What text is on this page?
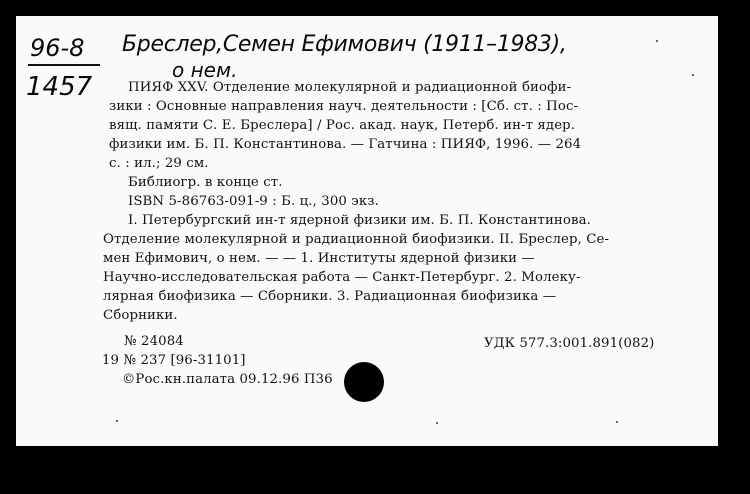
96-8
1457
Бреслер,Семен Ефимович (1911–1983),
о нем.
ПИЯФ XXV. Отделение молекулярной и радиационной биофи-
зики : Основные направления науч. деятельности : [Сб. ст. : Пос-
вящ. памяти С. Е. Бреслера] / Рос. акад. наук, Петерб. ин-т ядер.
физики им. Б. П. Константинова. — Гатчина : ПИЯФ, 1996. — 264
с. : ил.; 29 см.
Библиогр. в конце ст.
ISBN 5-86763-091-9 : Б. ц., 300 экз.
I. Петербургский ин-т ядерной физики им. Б. П. Константинова.
Отделение молекулярной и радиационной биофизики. II. Бреслер, Се-
мен Ефимович, о нем. — — 1. Институты ядерной физики —
Научно-исследовательская работа — Санкт-Петербург. 2. Молеку-
лярная биофизика — Сборники. 3. Радиационная биофизика —
Сборники.
№ 24084	УДК 577.3:001.891(082)
19 № 237 [96-31101]
©Рос.кн.палата 09.12.96 П36
